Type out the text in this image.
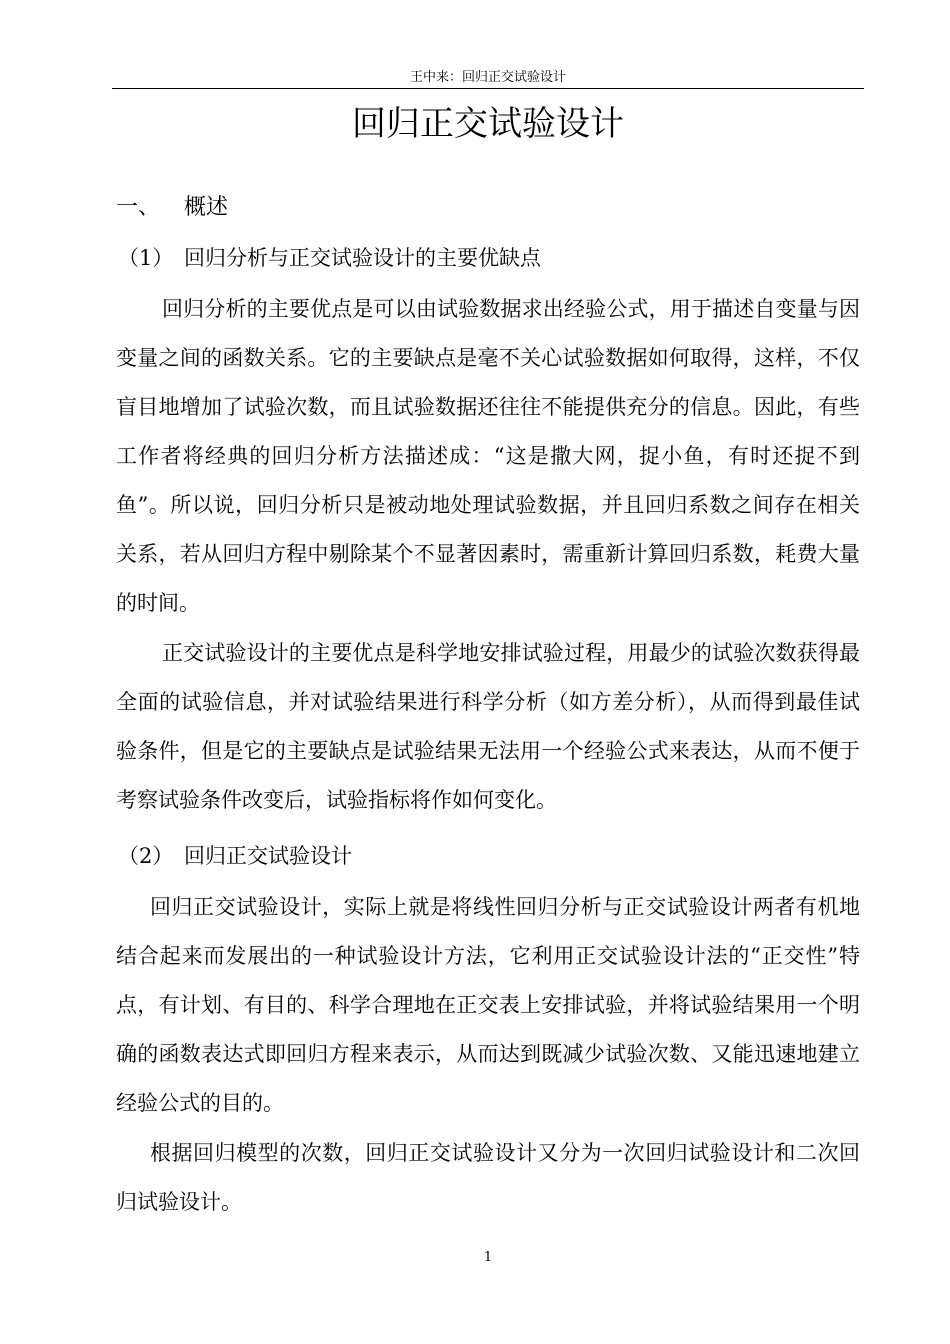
王中来：回归正交试验设计
回归正交试验设计
一、 概述
（1） 回归分析与正交试验设计的主要优缺点

回归分析的主要优点是可以由试验数据求出经验公式，用于描述自变量与因变量之间的函数关系。它的主要缺点是毫不关心试验数据如何取得，这样，不仅盲目地增加了试验次数，而且试验数据还往往不能提供充分的信息。因此，有些工作者将经典的回归分析方法描述成：“这是撒大网，捉小鱼，有时还捉不到鱼”。所以说，回归分析只是被动地处理试验数据，并且回归系数之间存在相关关系，若从回归方程中剔除某个不显著因素时，需重新计算回归系数，耗费大量的时间。

正交试验设计的主要优点是科学地安排试验过程，用最少的试验次数获得最全面的试验信息，并对试验结果进行科学分析（如方差分析），从而得到最佳试验条件，但是它的主要缺点是试验结果无法用一个经验公式来表达，从而不便于考察试验条件改变后，试验指标将作如何变化。

（2） 回归正交试验设计

回归正交试验设计，实际上就是将线性回归分析与正交试验设计两者有机地结合起来而发展出的一种试验设计方法，它利用正交试验设计法的“正交性”特点，有计划、有目的、科学合理地在正交表上安排试验，并将试验结果用一个明确的函数表达式即回归方程来表示，从而达到既减少试验次数、又能迅速地建立经验公式的目的。

根据回归模型的次数，回归正交试验设计又分为一次回归试验设计和二次回归试验设计。

1
